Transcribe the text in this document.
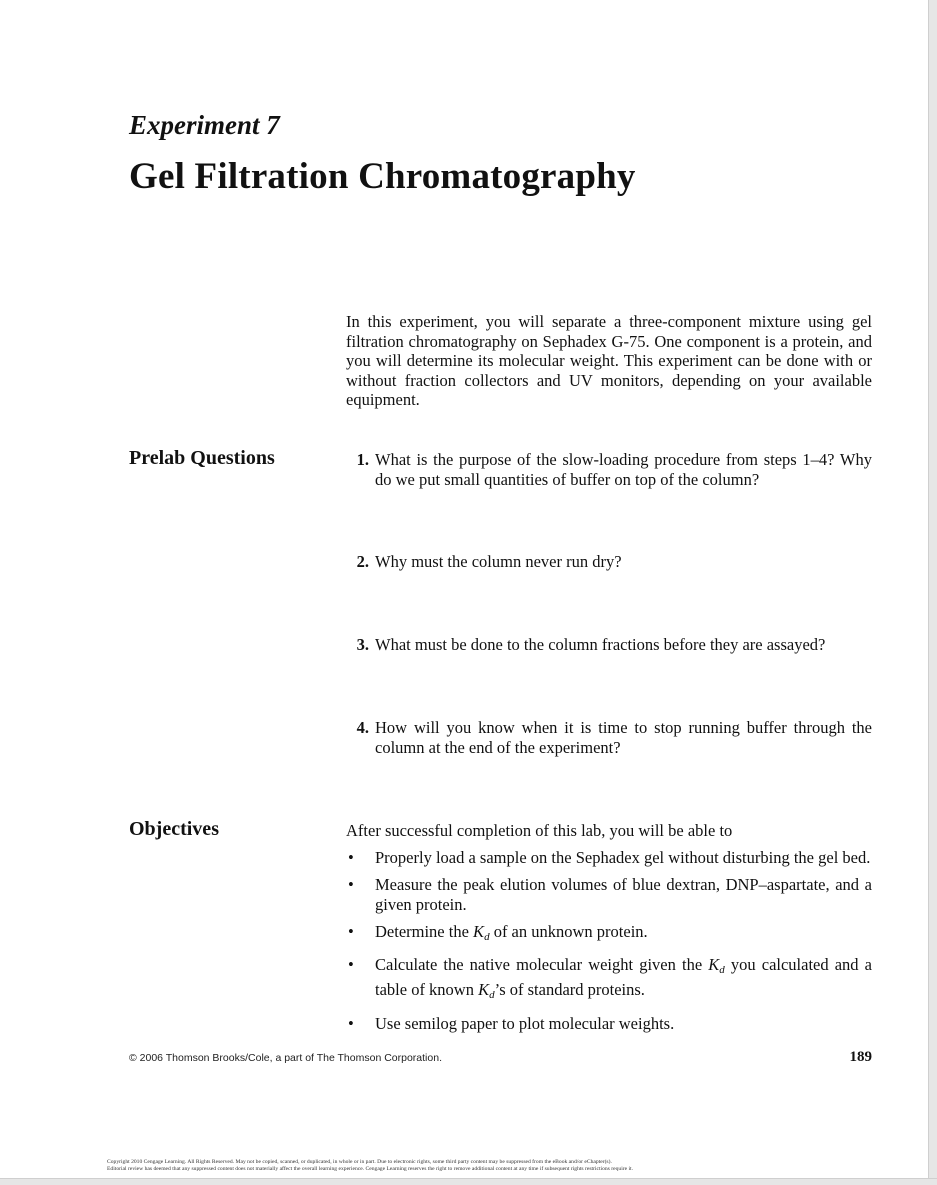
Experiment 7
Gel Filtration Chromatography

In this experiment, you will separate a three-component mixture using gel filtration chromatography on Sephadex G-75. One component is a protein, and you will determine its molecular weight. This experiment can be done with or without fraction collectors and UV monitors, depending on your available equipment.

Prelab Questions	1. What is the purpose of the slow-loading procedure from steps 1–4? Why do we put small quantities of buffer on top of the column?
2. Why must the column never run dry?
3. What must be done to the column fractions before they are assayed?
4. How will you know when it is time to stop running buffer through the column at the end of the experiment?
Objectives	After successful completion of this lab, you will be able to

•	Properly load a sample on the Sephadex gel without disturbing the gel bed.
•	Measure the peak elution volumes of blue dextran, DNP–aspartate, and a given protein.
•	Determine the $K_d$ of an unknown protein.
•	Calculate the native molecular weight given the $K_d$ you calculated and a table of known $K_d’s$ of standard proteins.
•	Use semilog paper to plot molecular weights.
© 2006 Thomson Brooks/Cole, a part of The Thomson Corporation.	189
Copyright 2010 Cengage Learning. All Rights Reserved. May not be copied, scanned, or duplicated, in whole or in part. Due to electronic rights, some third party content may be suppressed from the eBook and/or eChapter(s).
Editorial review has deemed that any suppressed content does not materially affect the overall learning experience. Cengage Learning reserves the right to remove additional content at any time if subsequent rights restrictions require it.
